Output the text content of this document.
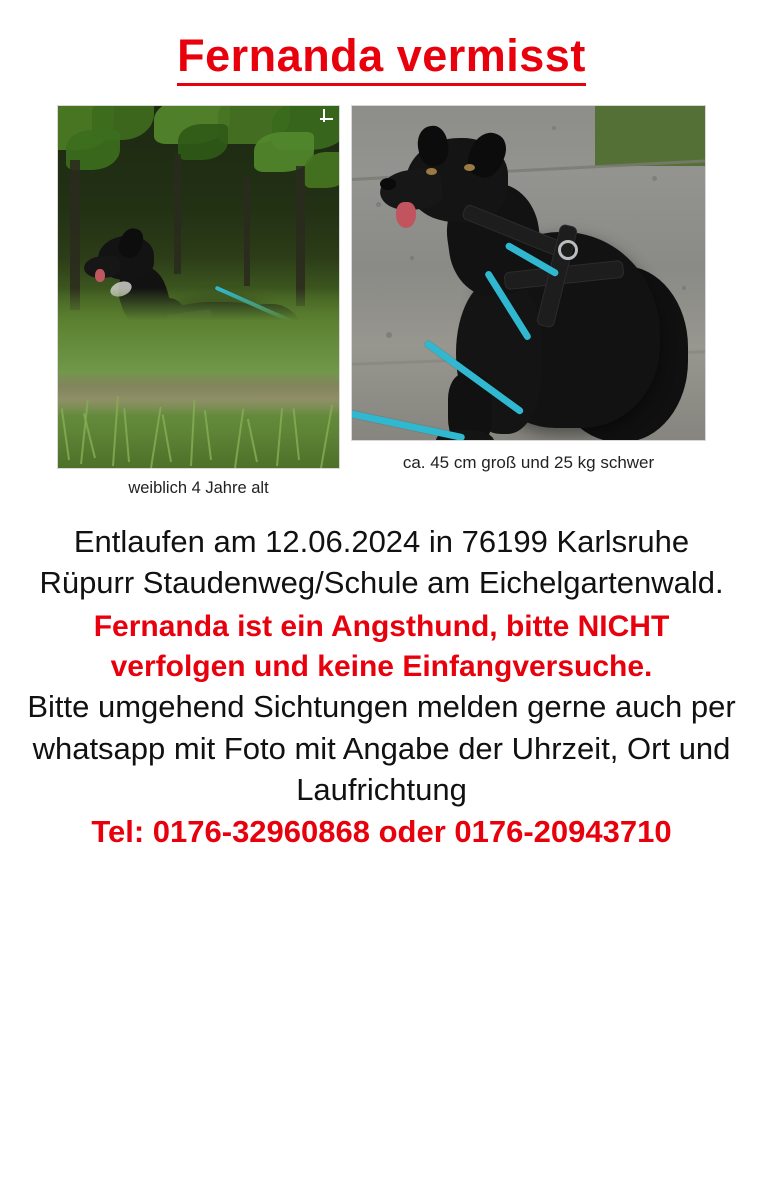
Fernanda vermisst
weiblich 4 Jahre alt
ca. 45 cm groß und 25 kg schwer

Entlaufen am 12.06.2024 in 76199 Karlsruhe Rüpurr Staudenweg/Schule am Eichelgartenwald.

Fernanda ist ein Angsthund, bitte NICHT verfolgen und keine Einfangversuche.

Bitte umgehend Sichtungen melden gerne auch per whatsapp mit Foto mit Angabe der Uhrzeit, Ort und Laufrichtung

Tel: 0176-32960868 oder 0176-20943710
